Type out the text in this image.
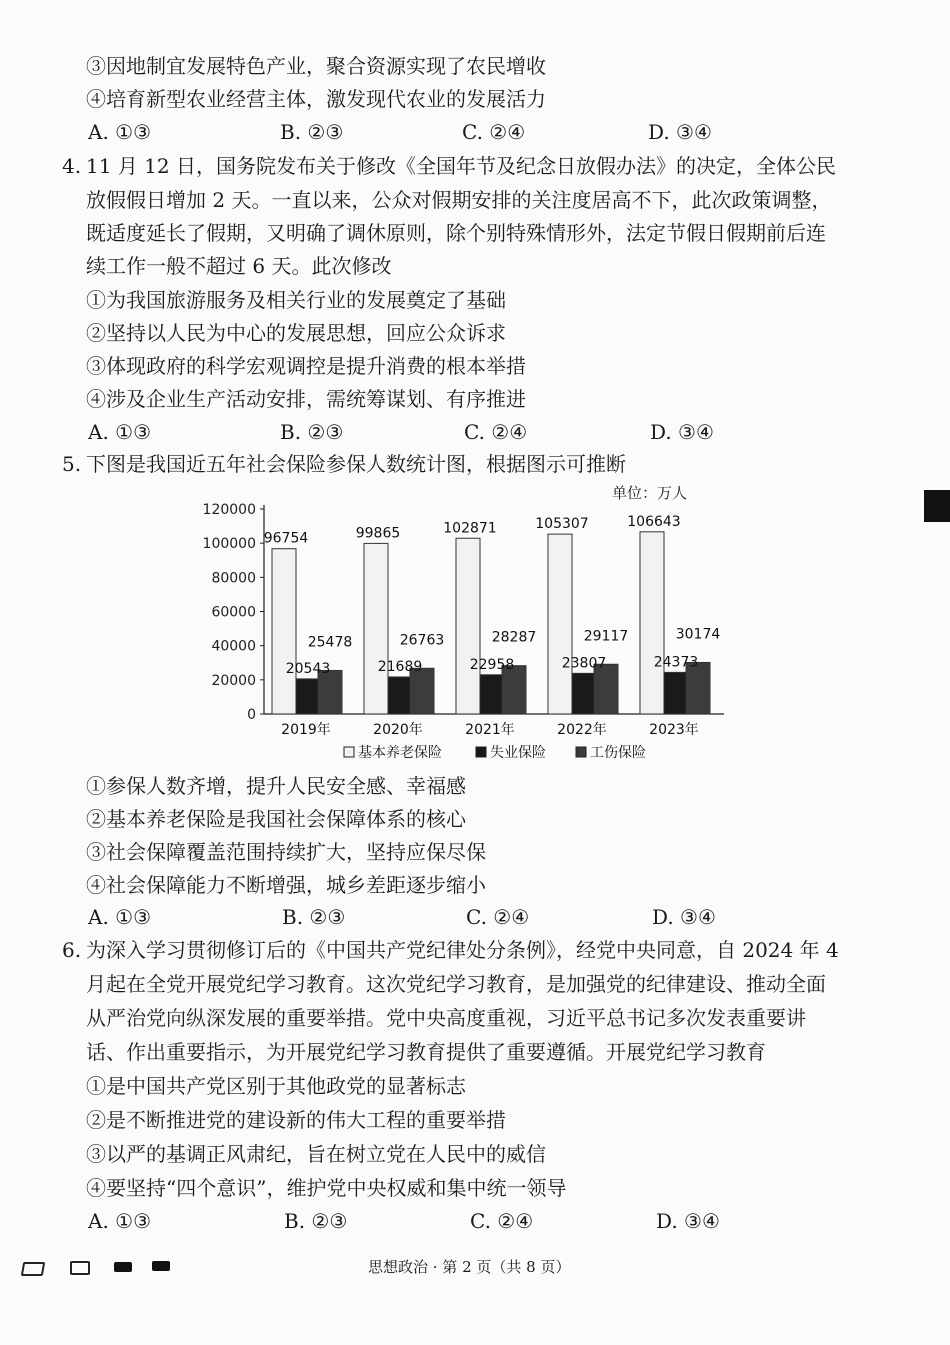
③因地制宜发展特色产业，聚合资源实现了农民增收
④培育新型农业经营主体，激发现代农业的发展活力
A. ①③	B. ②③	C. ②④	D. ③④
4. 11 月 12 日，国务院发布关于修改《全国年节及纪念日放假办法》的决定，全体公民
放假假日增加 2 天。一直以来，公众对假期安排的关注度居高不下，此次政策调整，
既适度延长了假期，又明确了调休原则，除个别特殊情形外，法定节假日假期前后连
续工作一般不超过 6 天。此次修改
①为我国旅游服务及相关行业的发展奠定了基础
②坚持以人民为中心的发展思想，回应公众诉求
③体现政府的科学宏观调控是提升消费的根本举措
④涉及企业生产活动安排，需统筹谋划、有序推进
A. ①③	B. ②③	C. ②④	D. ③④
5. 下图是我国近五年社会保险参保人数统计图，根据图示可推断
单位：万人
0
20000
40000
60000
80000
100000
120000
96754
25478
20543
99865
26763
21689
102871
28287
22958
105307
29117
23807
106643
30174
24373
2019年	2020年	2021年	2022年	2023年
基本养老保险	失业保险	工伤保险
①参保人数齐增，提升人民安全感、幸福感
②基本养老保险是我国社会保障体系的核心
③社会保障覆盖范围持续扩大，坚持应保尽保
④社会保障能力不断增强，城乡差距逐步缩小
A. ①③	B. ②③	C. ②④	D. ③④
6. 为深入学习贯彻修订后的《中国共产党纪律处分条例》，经党中央同意，自 2024 年 4
月起在全党开展党纪学习教育。这次党纪学习教育，是加强党的纪律建设、推动全面
从严治党向纵深发展的重要举措。党中央高度重视，习近平总书记多次发表重要讲
话、作出重要指示，为开展党纪学习教育提供了重要遵循。开展党纪学习教育
①是中国共产党区别于其他政党的显著标志
②是不断推进党的建设新的伟大工程的重要举措
③以严的基调正风肃纪，旨在树立党在人民中的威信
④要坚持“四个意识”，维护党中央权威和集中统一领导
A. ①③	B. ②③	C. ②④	D. ③④
思想政治 · 第 2 页（共 8 页）
